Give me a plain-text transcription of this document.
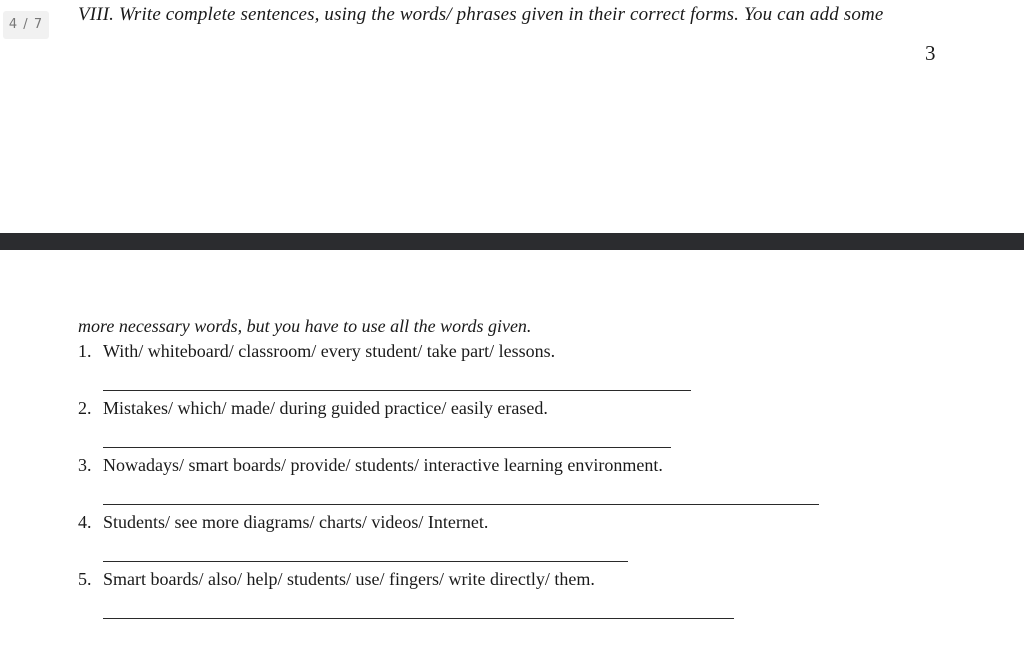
4 / 7	VIII. Write complete sentences, using the words/ phrases given in their correct forms. You can add some
3
more necessary words, but you have to use all the words given.
1. With/ whiteboard/ classroom/ every student/ take part/ lessons.
2. Mistakes/ which/ made/ during guided practice/ easily erased.
3. Nowadays/ smart boards/ provide/ students/ interactive learning environment.
4. Students/ see more diagrams/ charts/ videos/ Internet.
5. Smart boards/ also/ help/ students/ use/ fingers/ write directly/ them.
